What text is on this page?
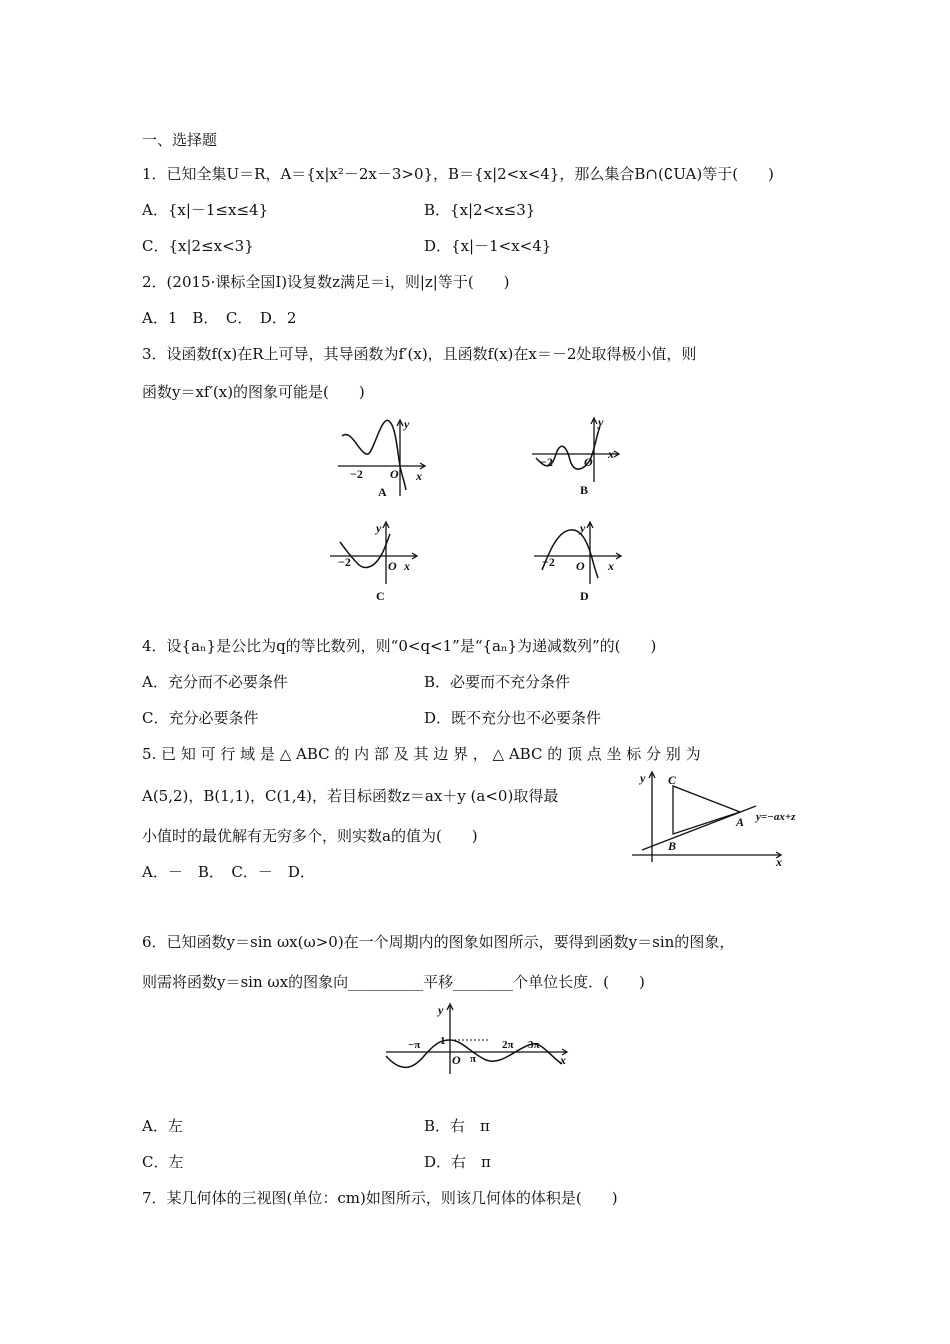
一、选择题
1．已知全集U＝R，A＝{x|x²－2x－3>0}，B＝{x|2<x<4}，那么集合B∩(∁UA)等于(　　)
A．{x|－1≤x≤4}	B．{x|2<x≤3}
C．{x|2≤x<3}	D．{x|－1<x<4}
2．(2015·课标全国Ⅰ)设复数z满足＝i，则|z|等于(　　)
A．1　B．　C．　D．2
3．设函数f(x)在R上可导，其导函数为f′(x)，且函数f(x)在x＝－2处取得极小值，则
函数y＝xf′(x)的图象可能是(　　)
y
x
O
−2
A
y
x
O
−2
B
y
x
O
−2
C
y
x
O
−2
D
4．设{aₙ}是公比为q的等比数列，则“0<q<1”是“{aₙ}为递减数列”的(　　)
A．充分而不必要条件	B．必要而不充分条件
C．充分必要条件	D．既不充分也不必要条件
5. 已 知 可 行 域 是 △ ABC 的 内 部 及 其 边 界 ， △ ABC 的 顶 点 坐 标 分 别 为
A(5,2)，B(1,1)，C(1,4)，若目标函数z＝ax＋y (a<0)取得最
小值时的最优解有无穷多个，则实数a的值为(　　)
A．－　B．　C．－　D．
y
x
C
B
A y=−ax+z
6．已知函数y＝sin ωx(ω>0)在一个周期内的图象如图所示，要得到函数y＝sin的图象，
则需将函数y＝sin ωx的图象向__________平移________个单位长度．(　　)
y
x
O
1
−π
π
2π 3π
A．左	B．右　π
C．左	D．右　π
7．某几何体的三视图(单位：cm)如图所示，则该几何体的体积是(　　)
